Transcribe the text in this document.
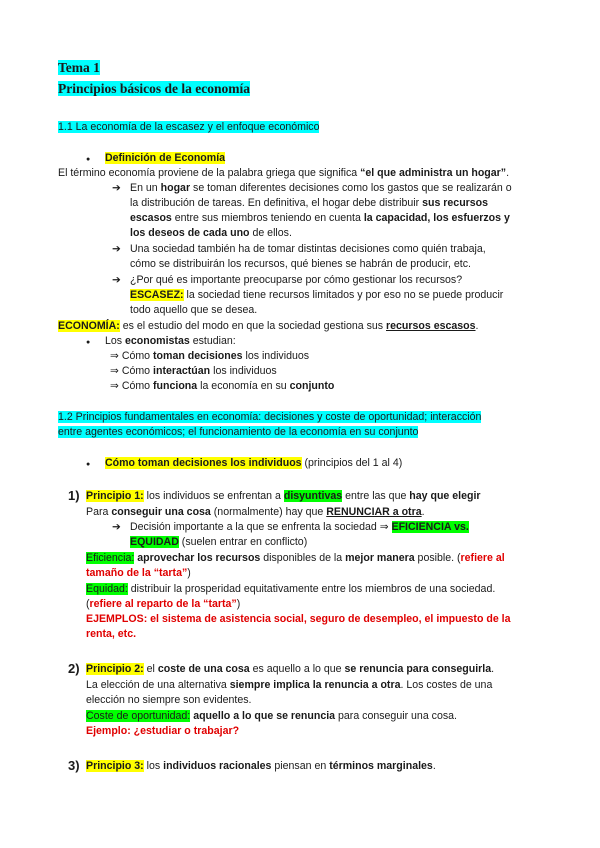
Tema 1
Principios básicos de la economía
1.1 La economía de la escasez y el enfoque económico
● Definición de Economía
El término economía proviene de la palabra griega que significa “el que administra un hogar”.
➔ En un hogar se toman diferentes decisiones como los gastos que se realizarán o
la distribución de tareas. En definitiva, el hogar debe distribuir sus recursos
escasos entre sus miembros teniendo en cuenta la capacidad, los esfuerzos y
los deseos de cada uno de ellos.
➔ Una sociedad también ha de tomar distintas decisiones como quién trabaja,
cómo se distribuirán los recursos, qué bienes se habrán de producir, etc.
➔ ¿Por qué es importante preocuparse por cómo gestionar los recursos?
ESCASEZ: la sociedad tiene recursos limitados y por eso no se puede producir
todo aquello que se desea.
ECONOMÍA: es el estudio del modo en que la sociedad gestiona sus recursos escasos.
● Los economistas estudian:
⇒ Cómo toman decisiones los individuos
⇒ Cómo interactúan los individuos
⇒ Cómo funciona la economía en su conjunto
1.2 Principios fundamentales en economía: decisiones y coste de oportunidad; interacción
entre agentes económicos; el funcionamiento de la economía en su conjunto
● Cómo toman decisiones los individuos (principios del 1 al 4)
1) Principio 1: los individuos se enfrentan a disyuntivas entre las que hay que elegir
Para conseguir una cosa (normalmente) hay que RENUNCIAR a otra.
➔ Decisión importante a la que se enfrenta la sociedad ⇒ EFICIENCIA vs.
EQUIDAD (suelen entrar en conflicto)
Eficiencia: aprovechar los recursos disponibles de la mejor manera posible. (refiere al
tamaño de la “tarta”)
Equidad: distribuir la prosperidad equitativamente entre los miembros de una sociedad.
(refiere al reparto de la “tarta”)
EJEMPLOS: el sistema de asistencia social, seguro de desempleo, el impuesto de la
renta, etc.
2) Principio 2: el coste de una cosa es aquello a lo que se renuncia para conseguirla.
La elección de una alternativa siempre implica la renuncia a otra. Los costes de una
elección no siempre son evidentes.
Coste de oportunidad: aquello a lo que se renuncia para conseguir una cosa.
Ejemplo: ¿estudiar o trabajar?
3) Principio 3: los individuos racionales piensan en términos marginales.
